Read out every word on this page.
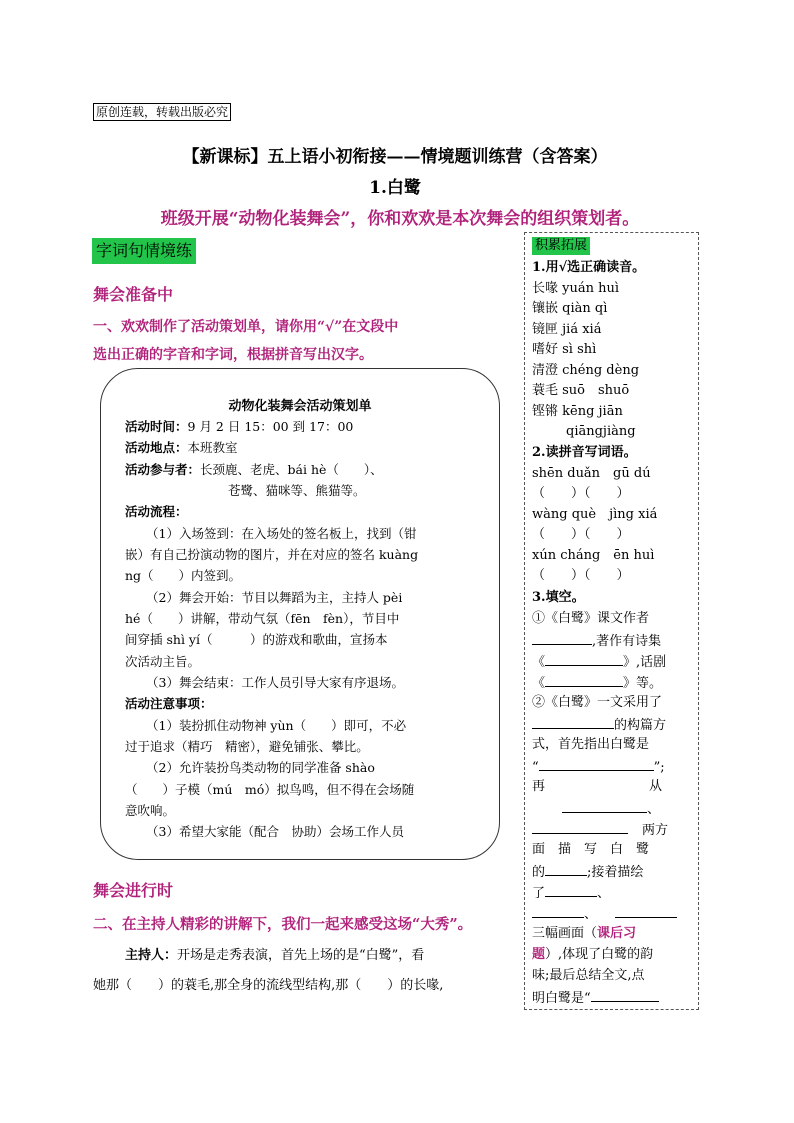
原创连载，转载出版必究
【新课标】五上语小初衔接——情境题训练营（含答案）
1.白鹭
班级开展“动物化装舞会”，你和欢欢是本次舞会的组织策划者。
字词句情境练
舞会准备中
一、欢欢制作了活动策划单，请你用“√”在文段中
选出正确的字音和字词，根据拼音写出汉字。
动物化装舞会活动策划单
活动时间：9 月 2 日 15：00 到 17：00
活动地点：本班教室
活动参与者：长颈鹿、老虎、bái hè（　　）、
苍鹭、猫咪等、熊猫等。
活动流程：
（1）入场签到：在入场处的签名板上，找到（钳
嵌）有自己扮演动物的图片，并在对应的签名 kuàng
ng（　　）内签到。
（2）舞会开始：节目以舞蹈为主，主持人 pèi
hé（　　）讲解，带动气氛（fēn　fèn），节目中
间穿插 shì yí（　　　）的游戏和歌曲，宣扬本
次活动主旨。
（3）舞会结束：工作人员引导大家有序退场。
活动注意事项：
（1）装扮抓住动物神 yùn（　　）即可，不必
过于追求（精巧　精密），避免铺张、攀比。
（2）允许装扮鸟类动物的同学准备 shào
（　　）子模（mú　mó）拟鸟鸣，但不得在会场随
意吹响。
（3）希望大家能（配合　协助）会场工作人员
舞会进行时
二、在主持人精彩的讲解下，我们一起来感受这场“大秀”。
主持人：开场是走秀表演，首先上场的是“白鹭”，看
她那（　　）的蓑毛,那全身的流线型结构,那（　　）的长喙,
积累拓展
1.用√选正确读音。
长喙 yuán huì
镶嵌 qiàn qì
镜匣 jiá xiá
嗜好 sì shì
清澄 chéng dèng
蓑毛 suō　shuō
铿锵 kēng jiān
qiāngjiàng
2.读拼音写词语。
shēn duǎn　gū dú
（　　）（　　）
wàng què　jìng xiá
（　　）（　　）
xún cháng　ēn huì
（　　）（　　）
3.填空。
①《白鹭》课文作者
,著作有诗集
《	》,话剧
《	》等。
②《白鹭》一文采用了
的构篇方
式，首先指出白鹭是
“	”;
再　　　　　　　　从
、
两方
面　描　写　白　鹭
的	;接着描绘
了	、
、
三幅画面（课后习
题）,体现了白鹭的韵
味;最后总结全文,点
明白鹭是“
